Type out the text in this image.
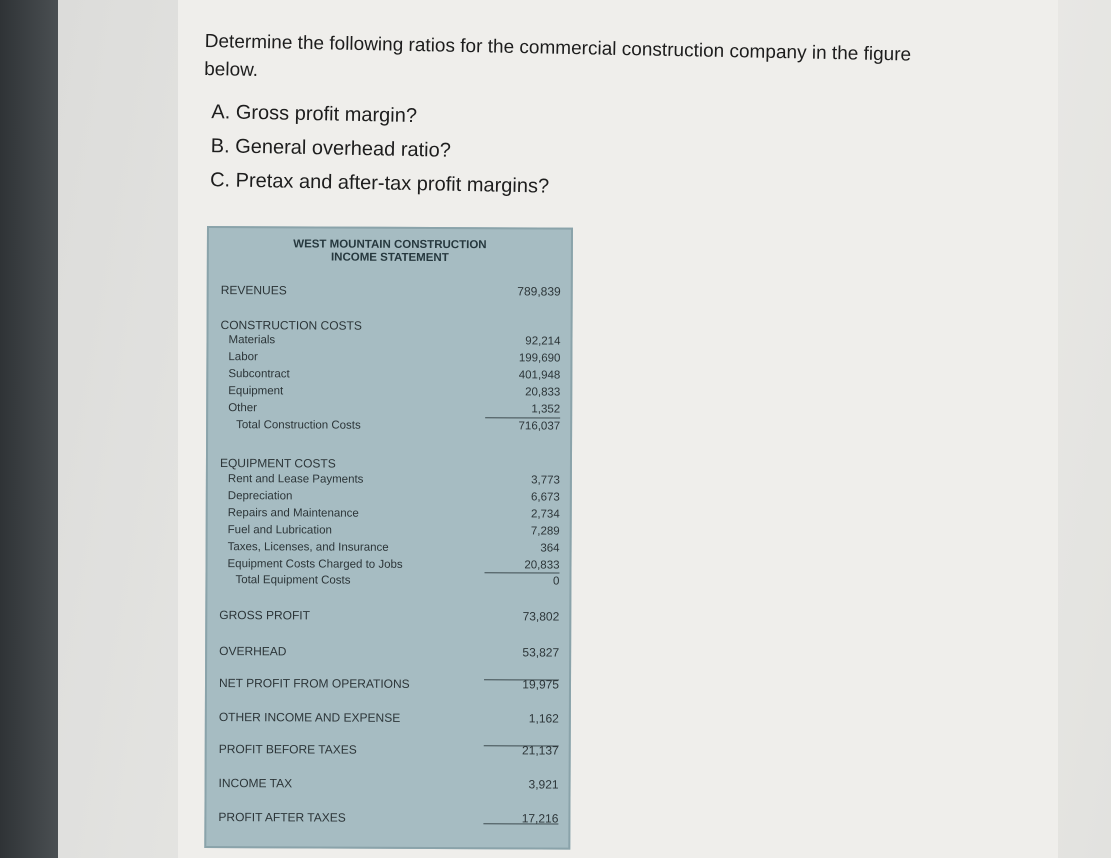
Determine the following ratios for the commercial construction company in the figure below.

A. Gross profit margin?
B. General overhead ratio?
C. Pretax and after-tax profit margins?
WEST MOUNTAIN CONSTRUCTION
INCOME STATEMENT
REVENUES	789,839
CONSTRUCTION COSTS
Materials	92,214
Labor	199,690
Subcontract	401,948
Equipment	20,833
Other	1,352
Total Construction Costs	716,037
EQUIPMENT COSTS
Rent and Lease Payments	3,773
Depreciation	6,673
Repairs and Maintenance	2,734
Fuel and Lubrication	7,289
Taxes, Licenses, and Insurance	364
Equipment Costs Charged to Jobs	20,833
Total Equipment Costs	0
GROSS PROFIT	73,802
OVERHEAD	53,827
NET PROFIT FROM OPERATIONS	19,975
OTHER INCOME AND EXPENSE	1,162
PROFIT BEFORE TAXES	21,137
INCOME TAX	3,921
PROFIT AFTER TAXES	17,216
